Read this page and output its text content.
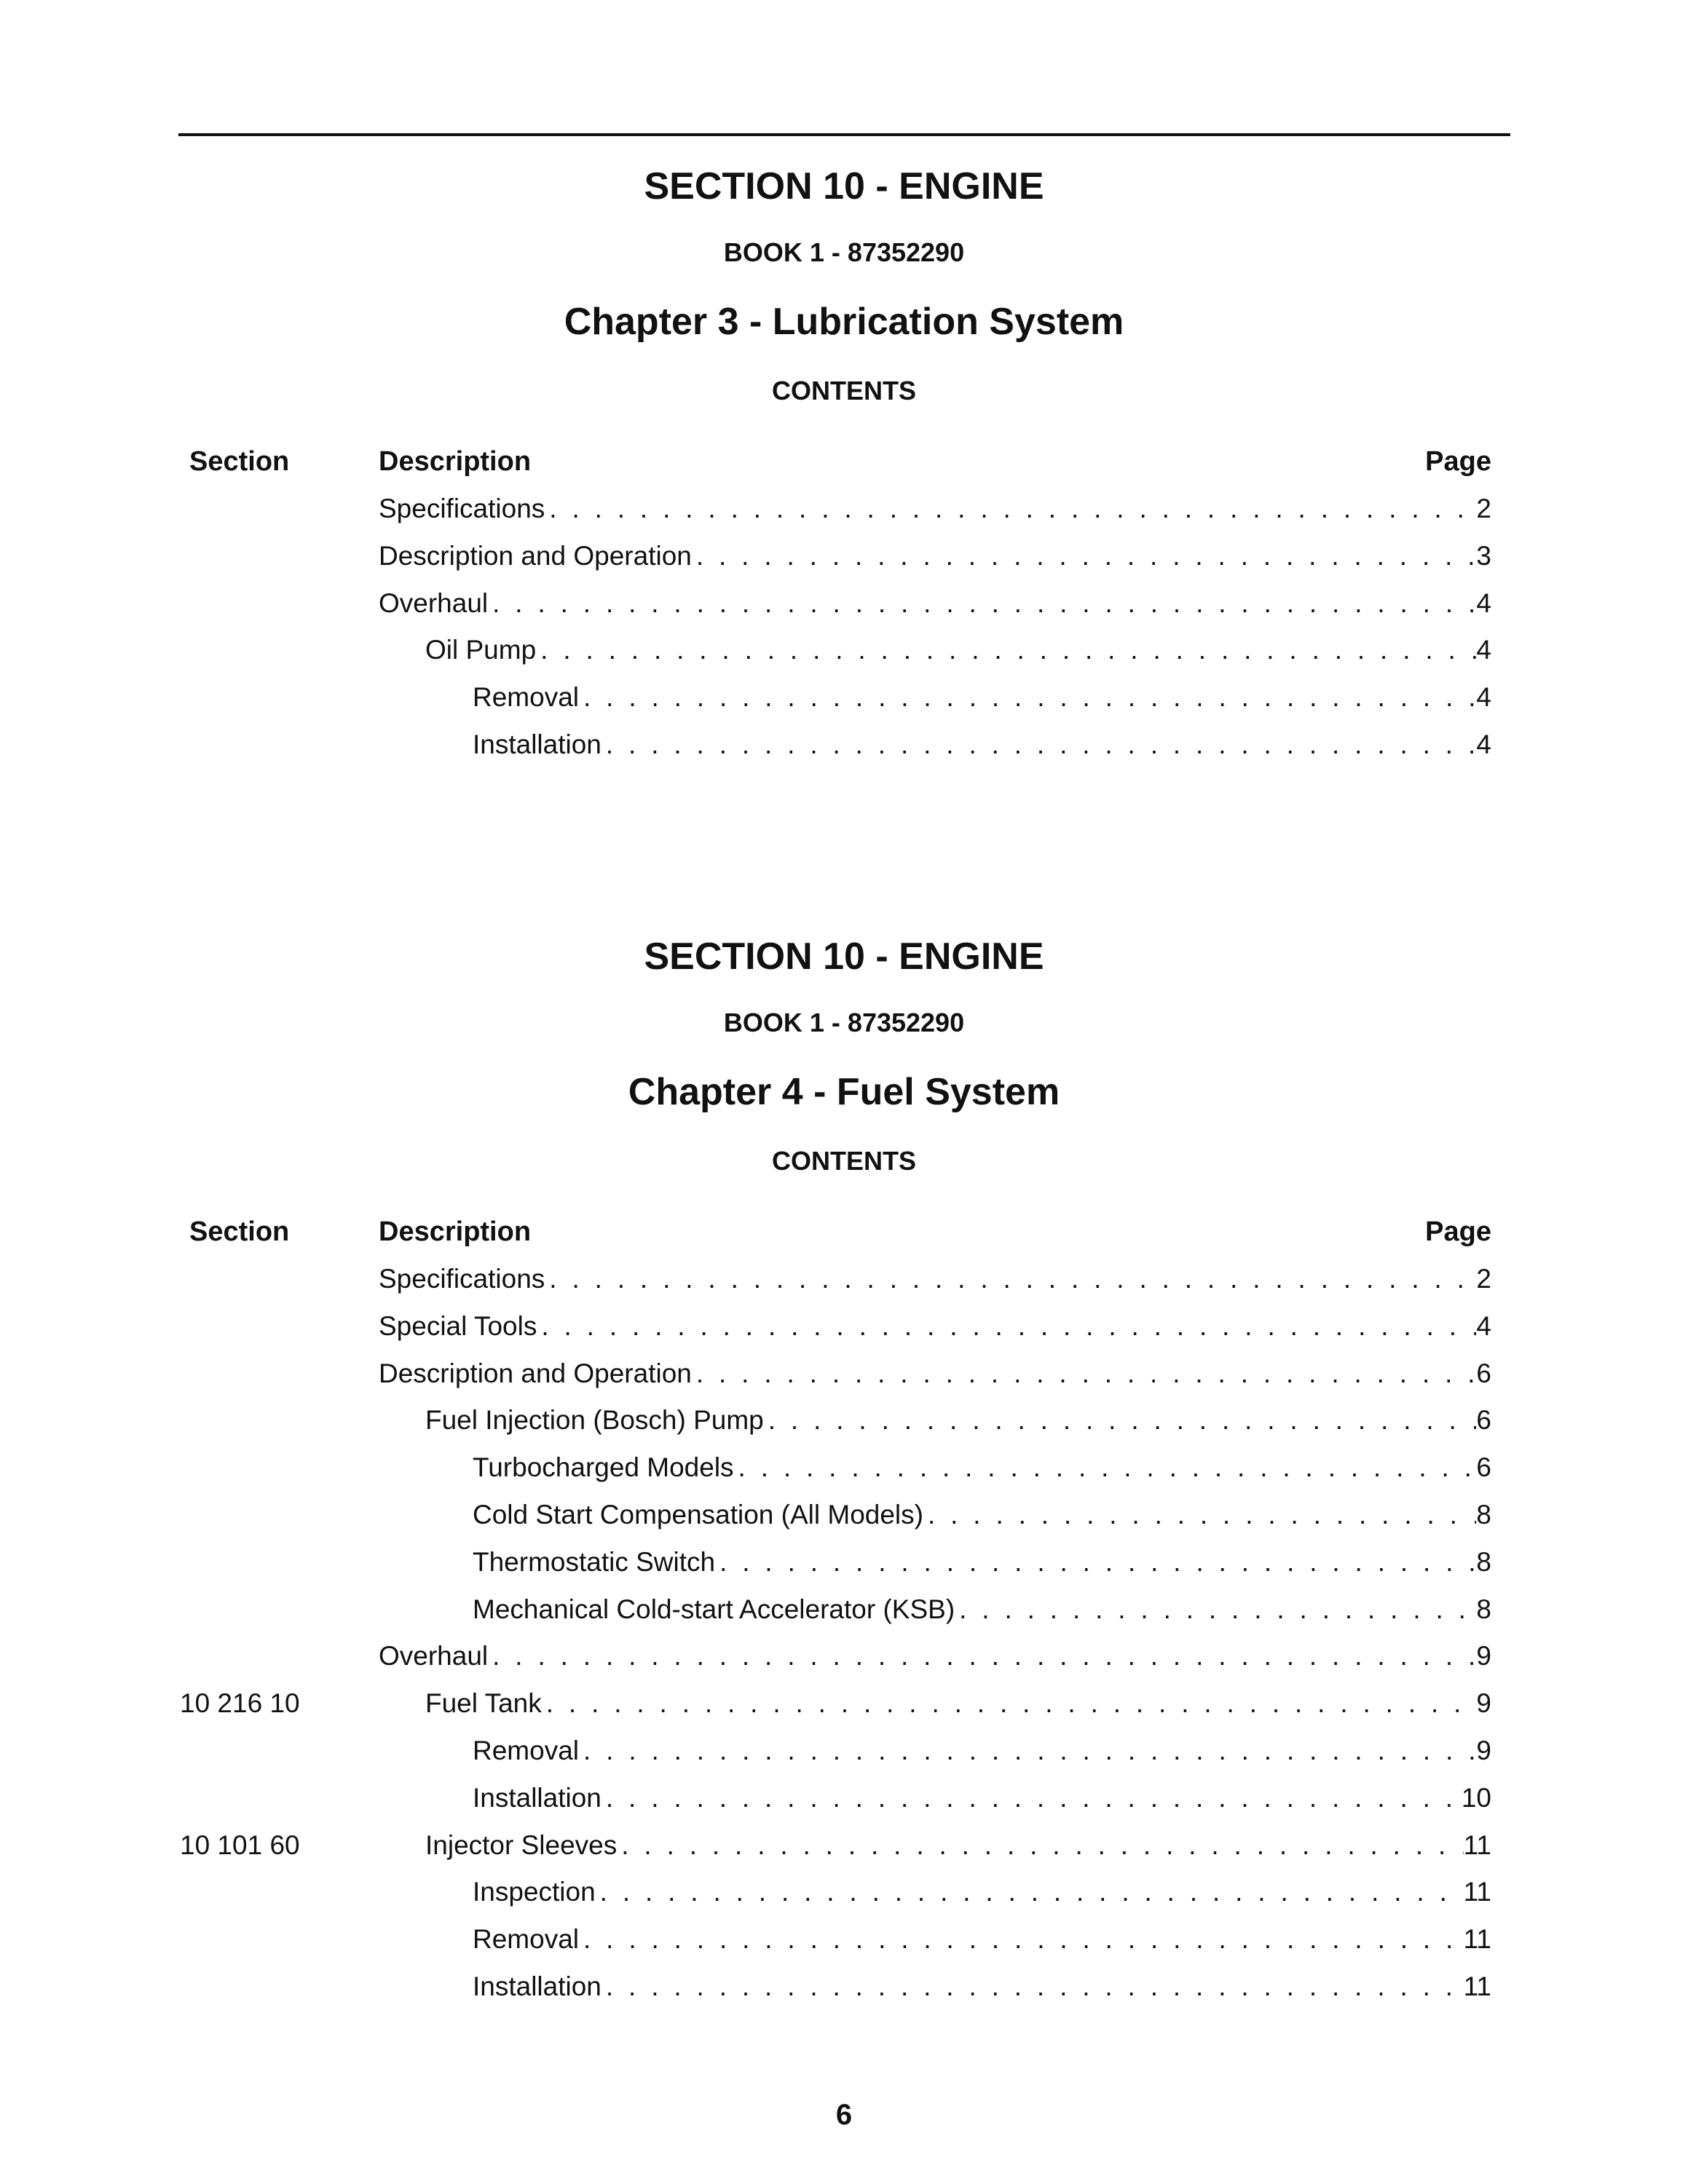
SECTION 10 - ENGINE
BOOK 1 - 87352290
Chapter 3 - Lubrication System
CONTENTS
Section	Description	Page
Specifications . . .	2
Description and Operation . . .	3
Overhaul . . .	4
Oil Pump . . .	4
Removal . . .	4
Installation . . .	4
SECTION 10 - ENGINE
BOOK 1 - 87352290
Chapter 4 - Fuel System
CONTENTS
Section	Description	Page
Specifications . . .	2
Special Tools . . .	4
Description and Operation . . .	6
Fuel Injection (Bosch) Pump . . .	6
Turbocharged Models . . .	6
Cold Start Compensation (All Models) . . .	8
Thermostatic Switch . . .	8
Mechanical Cold-start Accelerator (KSB) . . .	8
Overhaul . . .	9
10 216 10	Fuel Tank . . .	9
Removal . . .	9
Installation . . .	10
10 101 60	Injector Sleeves . . .	11
Inspection . . .	11
Removal . . .	11
Installation . . .	11
6
